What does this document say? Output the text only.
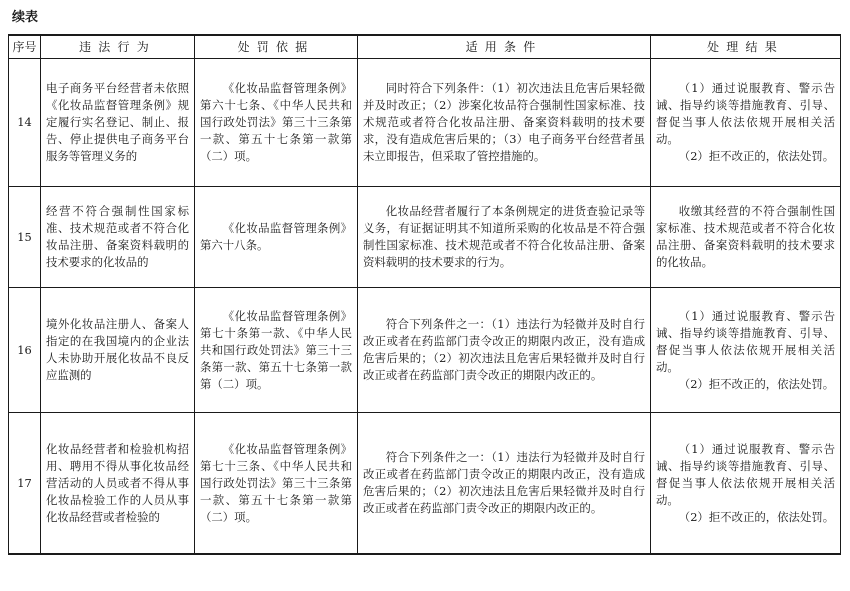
续表
序号	违法行为	处罚依据	适用条件	处理结果
14	电子商务平台经营者未依照《化妆品监督管理条例》规定履行实名登记、制止、报告、停止提供电子商务平台服务等管理义务的	《化妆品监督管理条例》第六十七条、《中华人民共和国行政处罚法》第三十三条第一款、第五十七条第一款第（二）项。	同时符合下列条件：（1）初次违法且危害后果轻微并及时改正；（2）涉案化妆品符合强制性国家标准、技术规范或者符合化妆品注册、备案资料载明的技术要求，没有造成危害后果的；（3）电子商务平台经营者虽未立即报告，但采取了管控措施的。	（1）通过说服教育、警示告诫、指导约谈等措施教育、引导、督促当事人依法依规开展相关活动。
（2）拒不改正的，依法处罚。

15	经营不符合强制性国家标准、技术规范或者不符合化妆品注册、备案资料载明的技术要求的化妆品的	《化妆品监督管理条例》第六十八条。	化妆品经营者履行了本条例规定的进货查验记录等义务，有证据证明其不知道所采购的化妆品是不符合强制性国家标准、技术规范或者不符合化妆品注册、备案资料载明的技术要求的行为。	收缴其经营的不符合强制性国家标准、技术规范或者不符合化妆品注册、备案资料载明的技术要求的化妆品。

16	境外化妆品注册人、备案人指定的在我国境内的企业法人未协助开展化妆品不良反应监测的	《化妆品监督管理条例》第七十条第一款、《中华人民共和国行政处罚法》第三十三条第一款、第五十七条第一款第（二）项。	符合下列条件之一：（1）违法行为轻微并及时自行改正或者在药监部门责令改正的期限内改正，没有造成危害后果的；（2）初次违法且危害后果轻微并及时自行改正或者在药监部门责令改正的期限内改正的。	（1）通过说服教育、警示告诫、指导约谈等措施教育、引导、督促当事人依法依规开展相关活动。
（2）拒不改正的，依法处罚。

17	化妆品经营者和检验机构招用、聘用不得从事化妆品经营活动的人员或者不得从事化妆品检验工作的人员从事化妆品经营或者检验的	《化妆品监督管理条例》第七十三条、《中华人民共和国行政处罚法》第三十三条第一款、第五十七条第一款第（二）项。	符合下列条件之一：（1）违法行为轻微并及时自行改正或者在药监部门责令改正的期限内改正，没有造成危害后果的；（2）初次违法且危害后果轻微并及时自行改正或者在药监部门责令改正的期限内改正的。	（1）通过说服教育、警示告诫、指导约谈等措施教育、引导、督促当事人依法依规开展相关活动。
（2）拒不改正的，依法处罚。
